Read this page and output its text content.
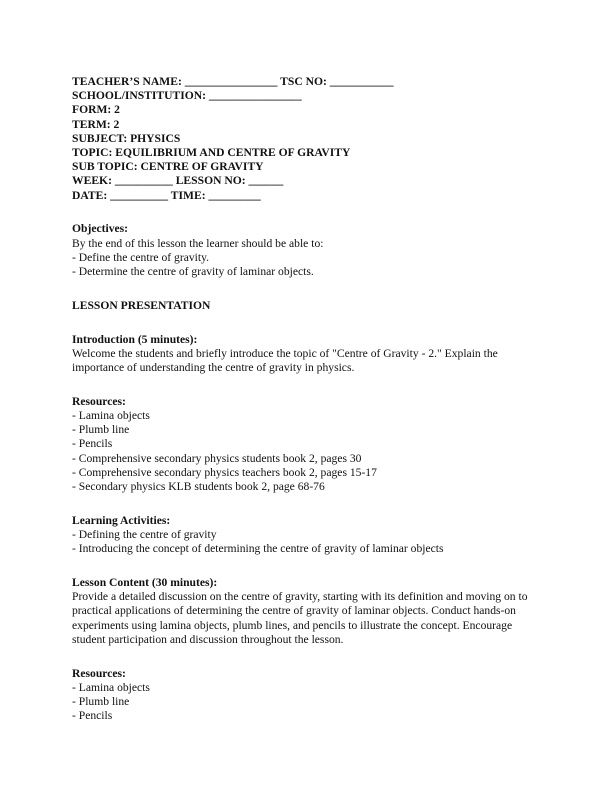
TEACHER’S NAME: ________________ TSC NO: ___________
SCHOOL/INSTITUTION: ________________
FORM: 2
TERM: 2
SUBJECT: PHYSICS
TOPIC: EQUILIBRIUM AND CENTRE OF GRAVITY
SUB TOPIC: CENTRE OF GRAVITY
WEEK: __________ LESSON NO: ______
DATE: __________ TIME: _________
Objectives:
By the end of this lesson the learner should be able to:
- Define the centre of gravity.
- Determine the centre of gravity of laminar objects.
LESSON PRESENTATION
Introduction (5 minutes):
Welcome the students and briefly introduce the topic of "Centre of Gravity - 2." Explain the importance of understanding the centre of gravity in physics.
Resources:
- Lamina objects
- Plumb line
- Pencils
- Comprehensive secondary physics students book 2, pages 30
- Comprehensive secondary physics teachers book 2, pages 15-17
- Secondary physics KLB students book 2, page 68-76
Learning Activities:
- Defining the centre of gravity
- Introducing the concept of determining the centre of gravity of laminar objects
Lesson Content (30 minutes):
Provide a detailed discussion on the centre of gravity, starting with its definition and moving on to practical applications of determining the centre of gravity of laminar objects. Conduct hands-on experiments using lamina objects, plumb lines, and pencils to illustrate the concept. Encourage student participation and discussion throughout the lesson.
Resources:
- Lamina objects
- Plumb line
- Pencils
